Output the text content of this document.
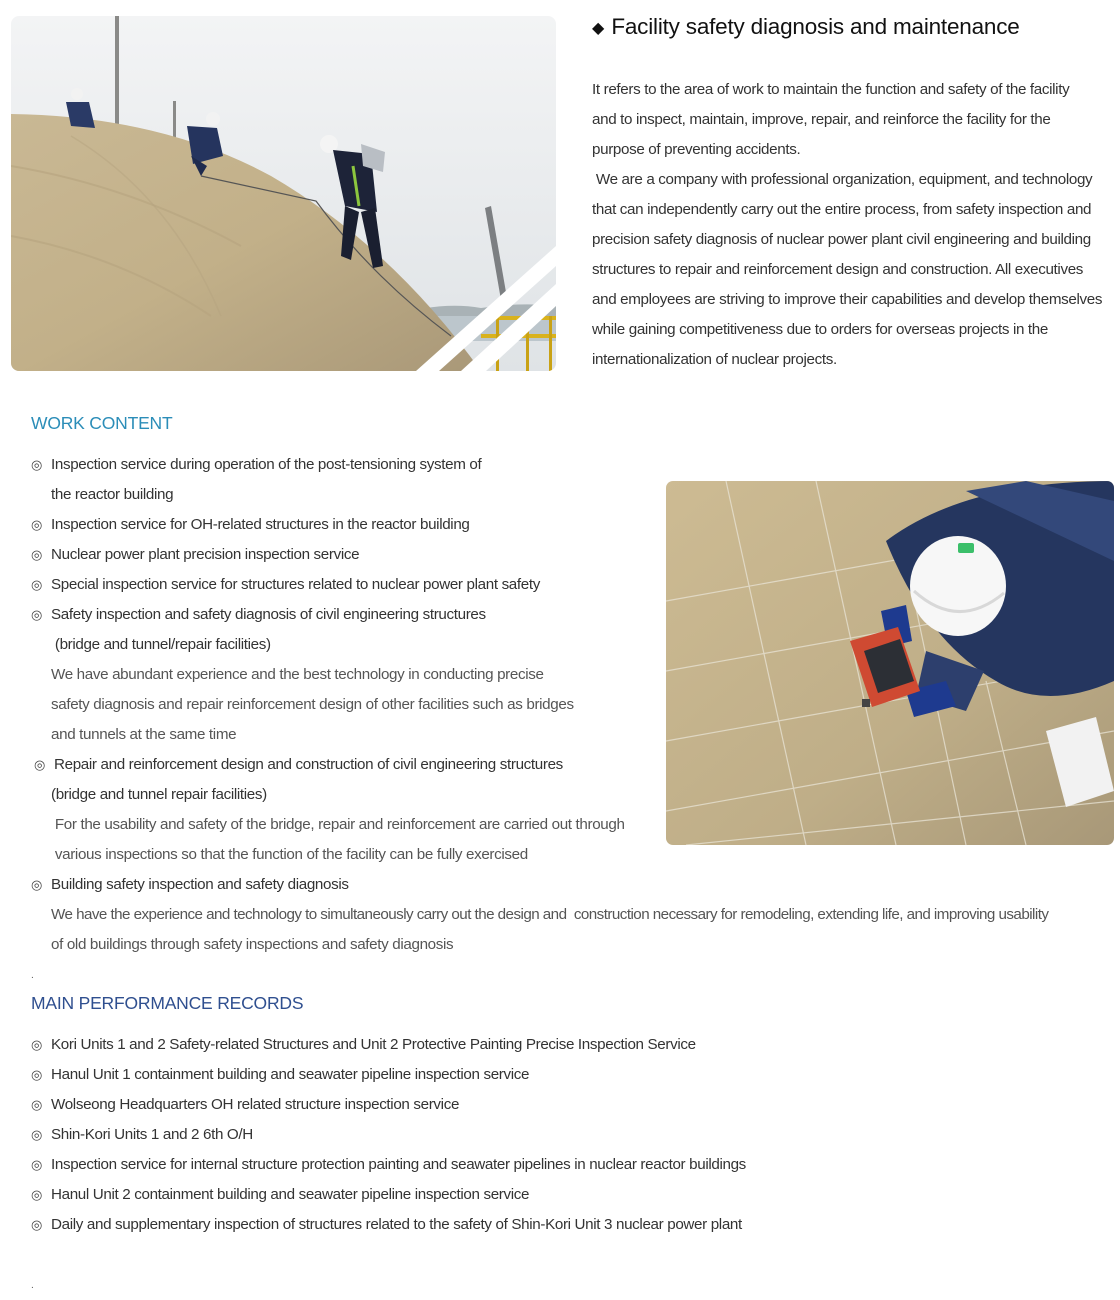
◆ Facility safety diagnosis and maintenance

It refers to the area of work to maintain the function and safety of the facility

and to inspect, maintain, improve, repair, and reinforce the facility for the

purpose of preventing accidents.

We are a company with professional organization, equipment, and technology

that can independently carry out the entire process, from safety inspection and

precision safety diagnosis of nuclear power plant civil engineering and building

structures to repair and reinforcement design and construction. All executives

and employees are striving to improve their capabilities and develop themselves

while gaining competitiveness due to orders for overseas projects in the

internationalization of nuclear projects.

WORK CONTENT
◎ Inspection service during operation of the post-tensioning system of
the reactor building
◎ Inspection service for OH-related structures in the reactor building
◎ Nuclear power plant precision inspection service
◎ Special inspection service for structures related to nuclear power plant safety
◎ Safety inspection and safety diagnosis of civil engineering structures
(bridge and tunnel/repair facilities)
We have abundant experience and the best technology in conducting precise
safety diagnosis and repair reinforcement design of other facilities such as bridges
and tunnels at the same time
◎ Repair and reinforcement design and construction of civil engineering structures
(bridge and tunnel repair facilities)
For the usability and safety of the bridge, repair and reinforcement are carried out through
various inspections so that the function of the facility can be fully exercised
◎ Building safety inspection and safety diagnosis
We have the experience and technology to simultaneously carry out the design and  construction necessary for remodeling, extending life, and improving usability
of old buildings through safety inspections and safety diagnosis
.
MAIN PERFORMANCE RECORDS
◎ Kori Units 1 and 2 Safety-related Structures and Unit 2 Protective Painting Precise Inspection Service
◎ Hanul Unit 1 containment building and seawater pipeline inspection service
◎ Wolseong Headquarters OH related structure inspection service
◎ Shin-Kori Units 1 and 2 6th O/H
◎ Inspection service for internal structure protection painting and seawater pipelines in nuclear reactor buildings
◎ Hanul Unit 2 containment building and seawater pipeline inspection service
◎ Daily and supplementary inspection of structures related to the safety of Shin-Kori Unit 3 nuclear power plant
.
